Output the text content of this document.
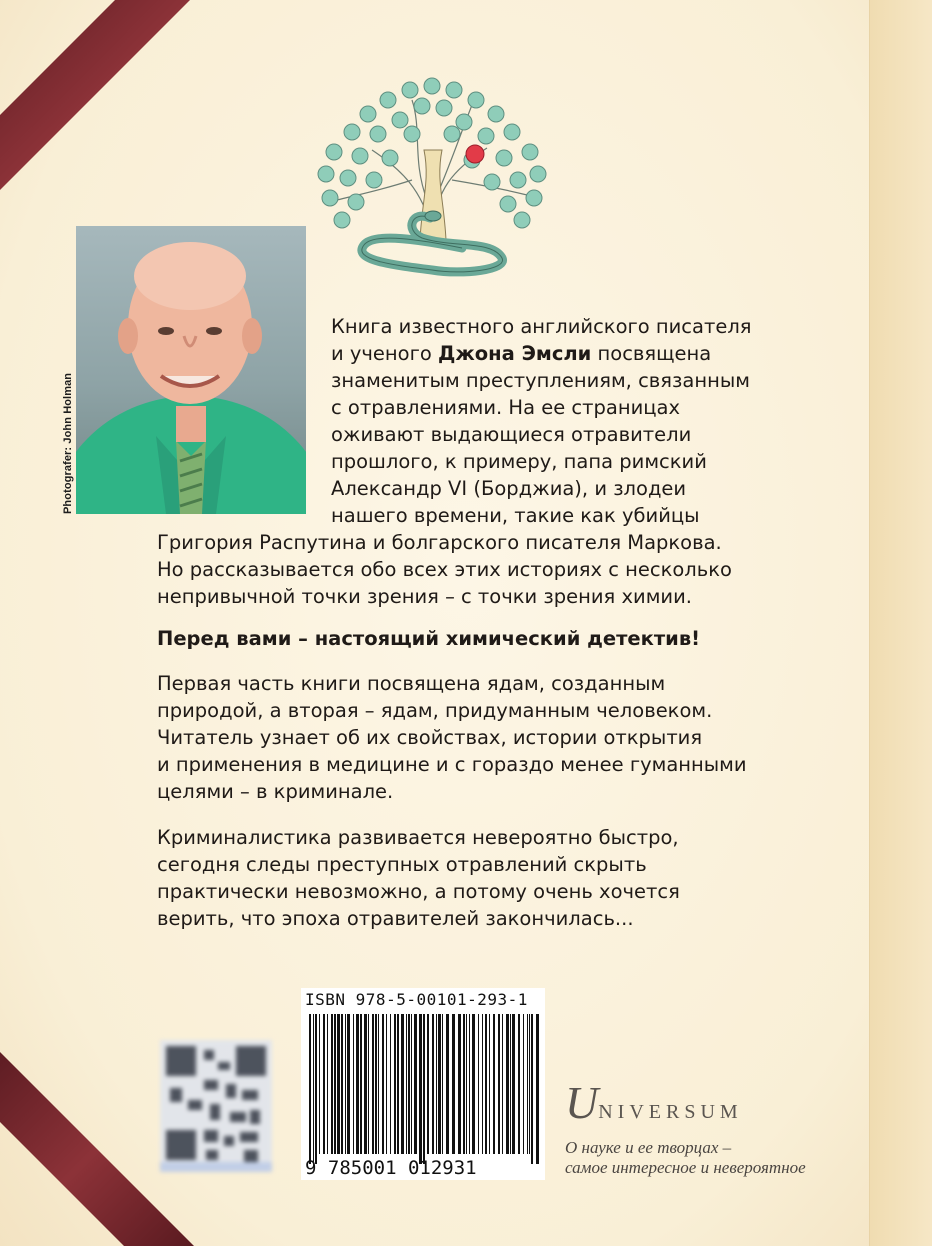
Photografer: John Holman
Книга известного английского писателя
и ученого Джона Эмсли посвящена
знаменитым преступлениям, связанным
с отравлениями. На ее страницах
оживают выдающиеся отравители
прошлого, к примеру, папа римский
Александр VI (Борджиа), и злодеи
нашего времени, такие как убийцы
Григория Распутина и болгарского писателя Маркова.
Но рассказывается обо всех этих историях с несколько
непривычной точки зрения – с точки зрения химии.
Перед вами – настоящий химический детектив!
Первая часть книги посвящена ядам, созданным
природой, а вторая – ядам, придуманным человеком.
Читатель узнает об их свойствах, истории открытия
и применения в медицине и с гораздо менее гуманными
целями – в криминале.
Криминалистика развивается невероятно быстро,
сегодня следы преступных отравлений скрыть
практически невозможно, а потому очень хочется
верить, что эпоха отравителей закончилась...
ISBN 978-5-00101-293-1
9 785001 012931
UNIVERSUM
О науке и ее творцах –
самое интересное и невероятное
